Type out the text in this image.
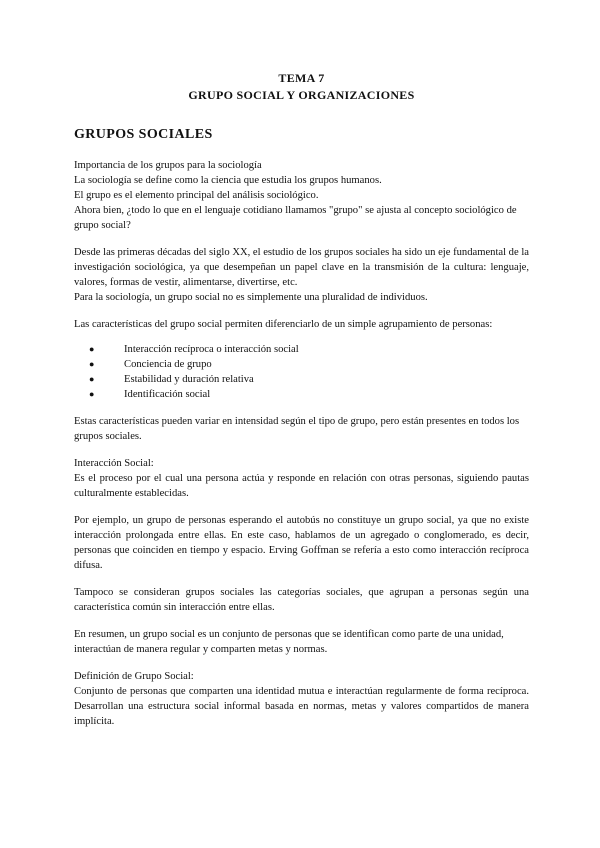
TEMA 7
GRUPO SOCIAL Y ORGANIZACIONES
GRUPOS SOCIALES
Importancia de los grupos para la sociología
La sociología se define como la ciencia que estudia los grupos humanos.
El grupo es el elemento principal del análisis sociológico.
Ahora bien, ¿todo lo que en el lenguaje cotidiano llamamos "grupo" se ajusta al concepto sociológico de grupo social?

Desde las primeras décadas del siglo XX, el estudio de los grupos sociales ha sido un eje fundamental de la investigación sociológica, ya que desempeñan un papel clave en la transmisión de la cultura: lenguaje, valores, formas de vestir, alimentarse, divertirse, etc.

Para la sociología, un grupo social no es simplemente una pluralidad de individuos.

Las características del grupo social permiten diferenciarlo de un simple agrupamiento de personas:

●	Interacción recíproca o interacción social
●	Conciencia de grupo
●	Estabilidad y duración relativa
●	Identificación social

Estas características pueden variar en intensidad según el tipo de grupo, pero están presentes en todos los grupos sociales.

Interacción Social:

Es el proceso por el cual una persona actúa y responde en relación con otras personas, siguiendo pautas culturalmente establecidas.

Por ejemplo, un grupo de personas esperando el autobús no constituye un grupo social, ya que no existe interacción prolongada entre ellas. En este caso, hablamos de un agregado o conglomerado, es decir, personas que coinciden en tiempo y espacio. Erving Goffman se refería a esto como interacción recíproca difusa.

Tampoco se consideran grupos sociales las categorías sociales, que agrupan a personas según una característica común sin interacción entre ellas.

En resumen, un grupo social es un conjunto de personas que se identifican como parte de una unidad, interactúan de manera regular y comparten metas y normas.

Definición de Grupo Social:

Conjunto de personas que comparten una identidad mutua e interactúan regularmente de forma recíproca. Desarrollan una estructura social informal basada en normas, metas y valores compartidos de manera implícita.
